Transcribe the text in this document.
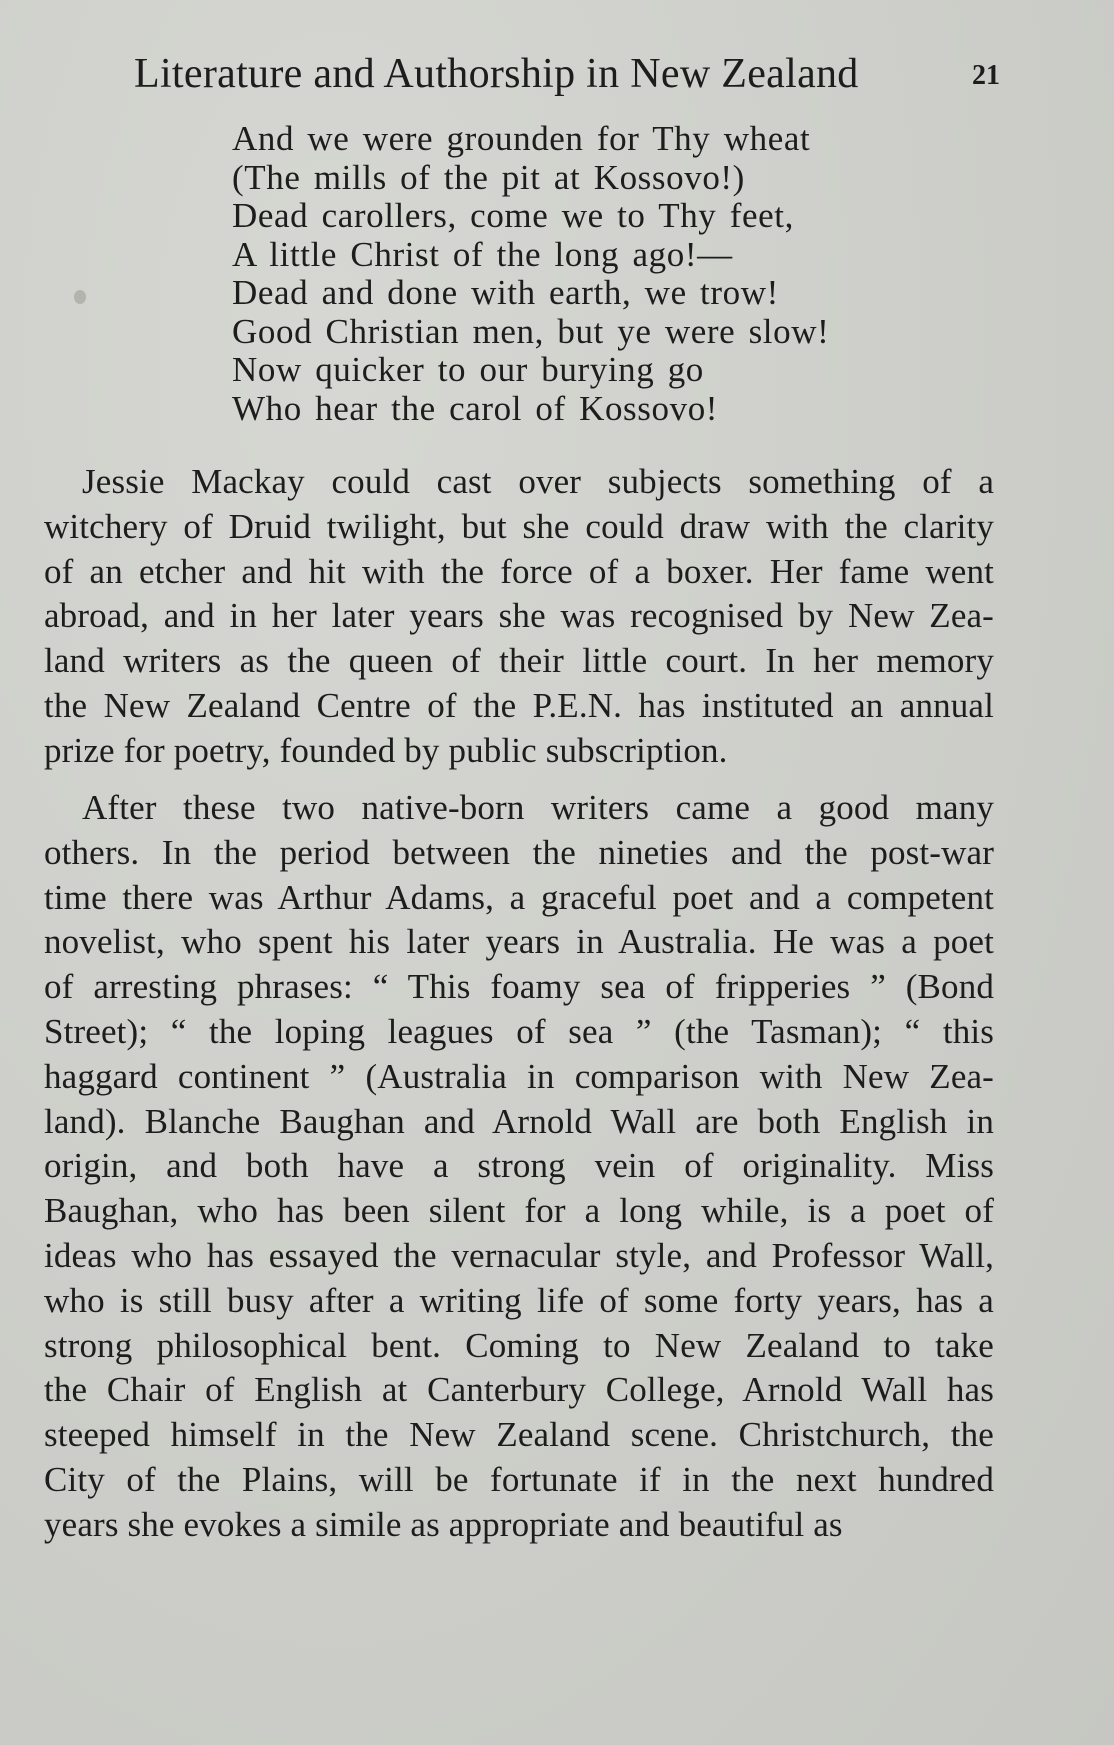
Literature and Authorship in New Zealand	21
And we were grounden for Thy wheat
(The mills of the pit at Kossovo!)
Dead carollers, come we to Thy feet,
A little Christ of the long ago!—
Dead and done with earth, we trow!
Good Christian men, but ye were slow!
Now quicker to our burying go
Who hear the carol of Kossovo!

Jessie Mackay could cast over subjects something of a
witchery of Druid twilight, but she could draw with the clarity
of an etcher and hit with the force of a boxer. Her fame went
abroad, and in her later years she was recognised by New Zea-
land writers as the queen of their little court. In her memory
the New Zealand Centre of the P.E.N. has instituted an annual
prize for poetry, founded by public subscription.

After these two native-born writers came a good many
others. In the period between the nineties and the post-war
time there was Arthur Adams, a graceful poet and a competent
novelist, who spent his later years in Australia. He was a poet
of arresting phrases: “ This foamy sea of fripperies ” (Bond
Street); “ the loping leagues of sea ” (the Tasman); “ this
haggard continent ” (Australia in comparison with New Zea-
land). Blanche Baughan and Arnold Wall are both English in
origin, and both have a strong vein of originality. Miss
Baughan, who has been silent for a long while, is a poet of
ideas who has essayed the vernacular style, and Professor Wall,
who is still busy after a writing life of some forty years, has a
strong philosophical bent. Coming to New Zealand to take
the Chair of English at Canterbury College, Arnold Wall has
steeped himself in the New Zealand scene. Christchurch, the
City of the Plains, will be fortunate if in the next hundred
years she evokes a simile as appropriate and beautiful as
